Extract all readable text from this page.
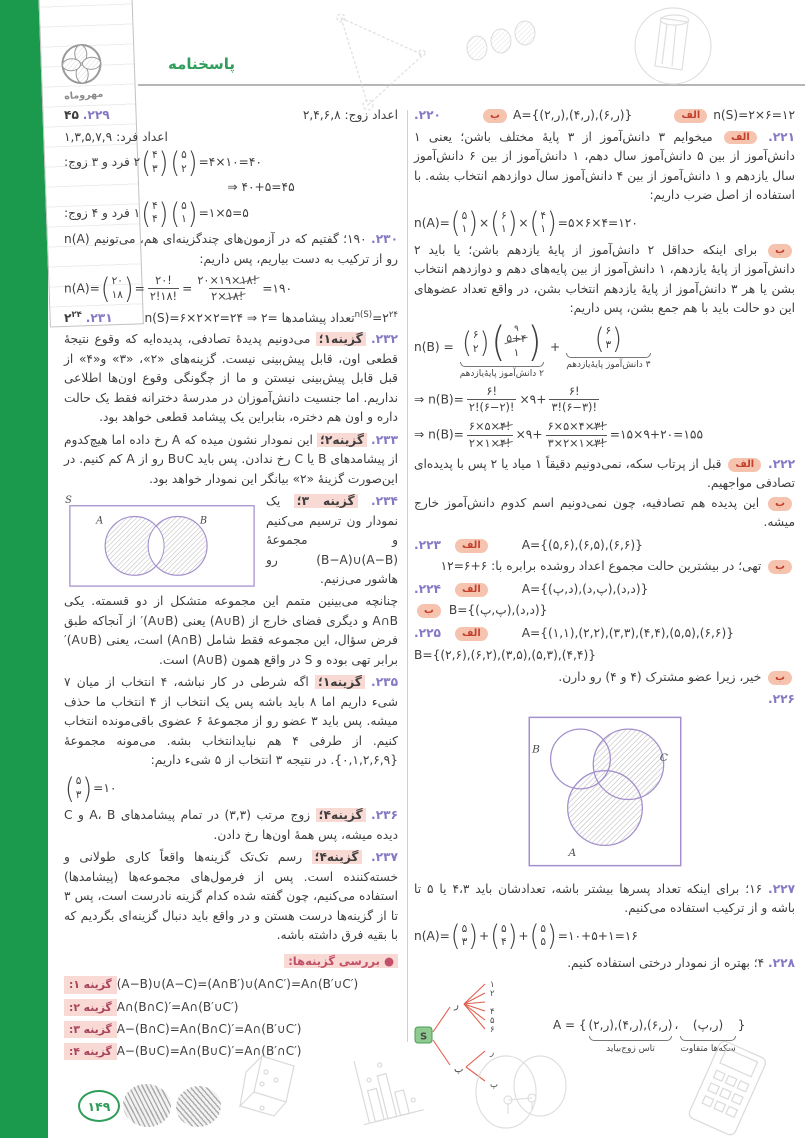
مهروماه
پاسخنامه
۲۲۹. ۴۵	اعداد زوج: ۲,۴,۶,۸
اعداد فرد: ۱,۳,۵,۷,۹
۲ فرد و ۳ زوج: ( ۴
۳ ) ( ۵
۲ ) =۴×۱۰=۴۰
⇒ ۴۰+۵=۴۵
۱ فرد و ۴ زوج: ( ۴
۴ ) ( ۵
۱ ) =۱×۵=۵
۲۳۰. ۱۹۰؛ گفتیم که در آزمون‌های چندگزینه‌ای هم، می‌تونیم n(A) رو از ترکیب به دست بیاریم، پس داریم:
n(A)= ( ۲۰
۱۸ ) =
۲۰!
۲!۱۸!
=
۲۰×۱۹×۱۸!
۲×۱۸!
=۱۹۰
۲۳۱. $۲^{۲۴}$	n(S)=۶×۲×۲=۲۴ ⇒ تعداد پیشامدها $=۲^{n(S)}=۲^{۲۴}$
۲۳۲. گزینه۱؛ می‌دونیم پدیدهٔ تصادفی، پدیده‌ایه که وقوع نتیجهٔ قطعی اون، قابل پیش‌بینی نیست. گزینه‌های «۲»، «۳» و«۴» از قبل قابل پیش‌بینی نیستن و ما از چگونگی وقوع اون‌ها اطلاعی نداریم. اما جنسیت دانش‌آموزان در مدرسهٔ دخترانه فقط یک حالت داره و اون هم دختره، بنابراین یک پیشامد قطعی خواهد بود.
۲۳۳. گزینه۲؛ این نمودار نشون میده که A رخ داده اما هیچ‌کدوم از پیشامدهای B یا C رخ ندادن. پس باید B∪C رو از A کم کنیم. در این‌صورت گزینهٔ «۲» بیانگر این نمودار خواهد بود.
۲۳۴. گزینه ۳؛ یک نمودار ون ترسیم می‌کنیم و مجموعهٔ (A−B)∪(B−A) رو هاشور می‌زنیم.
S
A	B
چنانچه می‌بینین متمم این مجموعه متشکل از دو قسمته. یکی A∩B و دیگری فضای خارج از (A∪B) یعنی (A∪B)′ از آنجاکه طبق فرض سؤال، این مجموعه فقط شامل (A∩B) است، یعنی (A∪B)′ برابر تهی بوده و S در واقع همون (A∪B) است.
۲۳۵. گزینه۱؛ اگه شرطی در کار نباشه، ۴ انتخاب از میان ۷ شیء داریم اما ۸ باید باشه پس یک انتخاب از ۴ انتخاب ما حذف میشه. پس باید ۳ عضو رو از مجموعهٔ ۶ عضوی باقی‌مونده انتخاب کنیم. از طرفی ۴ هم نبایدانتخاب بشه. می‌مونه مجموعهٔ {۰,۱,۲,۶,۹}. در نتیجه ۳ انتخاب از ۵ شیء داریم:
( ۵
۳ ) =۱۰
۲۳۶. گزینه۴؛ زوج مرتب (۳,۳) در تمام پیشامدهای A، B و C دیده میشه، پس همهٔ اون‌ها رخ دادن.
۲۳۷. گزینه۴؛ رسم تک‌تک گزینه‌ها واقعاً کاری طولانی و خسته‌کننده است. پس از فرمول‌های مجموعه‌ها (پیشامدها) استفاده می‌کنیم، چون گفته شده کدام گزینه نادرست است، پس ۳ تا از گزینه‌ها درست هستن و در واقع باید دنبال گزینه‌ای بگردیم که با بقیه فرق داشته باشه.
● بررسی گزینه‌ها:
گزینه ۱: (A−B)∪(A−C)=(A∩B′)∪(A∩C′)=A∩(B′∪C′)
گزینه ۲: A∩(B∩C)′=A∩(B′∪C′)
گزینه ۳: A−(B∩C)=A∩(B∩C)′=A∩(B′∪C′)
گزینه ۴: A−(B∪C)=A∩(B∪C)′=A∩(B′∩C′)
۲۲۰.	ب	A={(ر,۲),(ر,۴),(ر,۶)}	الف	n(S)=۲×۶=۱۲
۲۲۱. الف میخوایم ۳ دانش‌آموز از ۳ پایهٔ مختلف باشن؛ یعنی ۱ دانش‌آموز از بین ۵ دانش‌آموز سال دهم، ۱ دانش‌آموز از بین ۶ دانش‌آموز سال یازدهم و ۱ دانش‌آموز از بین ۴ دانش‌آموز سال دوازدهم انتخاب بشه. با استفاده از اصل ضرب داریم:
n(A)= ( ۵
۱ ) × ( ۶
۱ ) × ( ۴
۱ ) =۵×۶×۴=۱۲۰
ب برای اینکه حداقل ۲ دانش‌آموز از پایهٔ یازدهم باشن؛ یا باید ۲ دانش‌آموز از پایهٔ یازدهم، ۱ دانش‌آموز از بین پایه‌های دهم و دوازدهم انتخاب بشن یا هر ۳ دانش‌آموز از پایهٔ یازدهم انتخاب بشن، در واقع تعداد عضوهای این دو حالت باید با هم جمع بشن، پس داریم:
n(B) = ( ۶
۲ ) ( ۹
۵+۴
۱ )
۲ دانش‌آموز پایهٔ‌یازدهم
+ ( ۶
۳ )
۳ دانش‌آموز پایهٔ‌یازدهم
⇒ n(B)=
۶!
۲!(۶−۲)!
×۹+
۶!
۳!(۶−۳)!
⇒ n(B)=
۶×۵×۴!
۲×۱×۴!
×۹+
۶×۵×۴×۳!
۳×۲×۱×۳!
=۱۵×۹+۲۰=۱۵۵
۲۲۲. الف قبل از پرتاب سکه، نمی‌دونیم دقیقاً ۱ میاد یا ۲ پس با پدیده‌ای تصادفی مواجهیم.
ب این پدیده هم تصادفیه، چون نمی‌دونیم اسم کدوم دانش‌آموز خارج میشه.
۲۲۳.	الف	A={(۵,۶),(۶,۵),(۶,۶)}
ب تهی؛ در بیشترین حالت مجموع اعداد روشده برابره با: ۶+۶=۱۲
۲۲۴.	الف	A={(د,پ),(پ,د),(د,د)}
ب	B={(پ,پ),(د,د)}
۲۲۵.	الف	A={(۱,۱),(۲,۲),(۳,۳),(۴,۴),(۵,۵),(۶,۶)}
B={(۲,۶),(۶,۲),(۳,۵),(۵,۳),(۴,۴)}
ب خیر، زیرا عضو مشترک (۴ و ۴) رو دارن.
۲۲۶.
B
C
A
۲۲۷. ۱۶؛ برای اینکه تعداد پسرها بیشتر باشه، تعدادشان باید ۴،۳ یا ۵ تا باشه و از ترکیب استفاده می‌کنیم.
n(A)= ( ۵
۳ ) + ( ۵
۴ ) + ( ۵
۵ ) =۱۰+۵+۱=۱۶
۲۲۸. ۴؛ بهتره از نمودار درختی استفاده کنیم.
S
ر
پ
۱
۲
۴
۵
۶
ر
پ
A = { (ر,۲),(ر,۴),(ر,۶)
تاس زوج‌بیاید
، (ر,پ)
سکه‌ها متفاوت
}
۱۴۹
